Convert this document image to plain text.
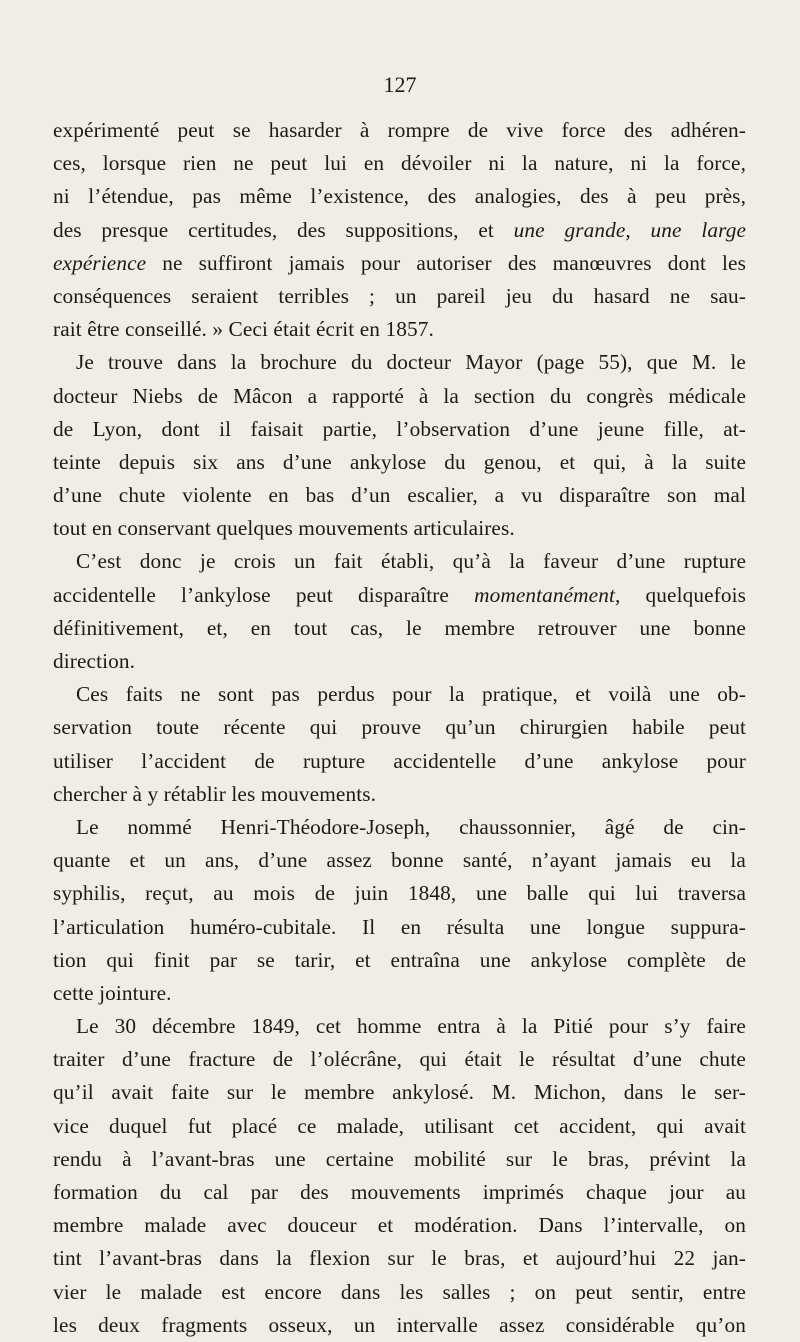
127
expérimenté peut se hasarder à rompre de vive force des adhéren-
ces, lorsque rien ne peut lui en dévoiler ni la nature, ni la force,
ni l’étendue, pas même l’existence, des analogies, des à peu près,
des presque certitudes, des suppositions, et une grande, une large
expérience ne suffiront jamais pour autoriser des manœuvres dont les
conséquences seraient terribles ; un pareil jeu du hasard ne sau-
rait être conseillé. » Ceci était écrit en 1857.
Je trouve dans la brochure du docteur Mayor (page 55), que M. le
docteur Niebs de Mâcon a rapporté à la section du congrès médicale
de Lyon, dont il faisait partie, l’observation d’une jeune fille, at-
teinte depuis six ans d’une ankylose du genou, et qui, à la suite
d’une chute violente en bas d’un escalier, a vu disparaître son mal
tout en conservant quelques mouvements articulaires.
C’est donc je crois un fait établi, qu’à la faveur d’une rupture
accidentelle l’ankylose peut disparaître momentanément, quelquefois
définitivement, et, en tout cas, le membre retrouver une bonne
direction.
Ces faits ne sont pas perdus pour la pratique, et voilà une ob-
servation toute récente qui prouve qu’un chirurgien habile peut
utiliser l’accident de rupture accidentelle d’une ankylose pour
chercher à y rétablir les mouvements.
Le nommé Henri-Théodore-Joseph, chaussonnier, âgé de cin-
quante et un ans, d’une assez bonne santé, n’ayant jamais eu la
syphilis, reçut, au mois de juin 1848, une balle qui lui traversa
l’articulation huméro-cubitale. Il en résulta une longue suppura-
tion qui finit par se tarir, et entraîna une ankylose complète de
cette jointure.
Le 30 décembre 1849, cet homme entra à la Pitié pour s’y faire
traiter d’une fracture de l’olécrâne, qui était le résultat d’une chute
qu’il avait faite sur le membre ankylosé. M. Michon, dans le ser-
vice duquel fut placé ce malade, utilisant cet accident, qui avait
rendu à l’avant-bras une certaine mobilité sur le bras, prévint la
formation du cal par des mouvements imprimés chaque jour au
membre malade avec douceur et modération. Dans l’intervalle, on
tint l’avant-bras dans la flexion sur le bras, et aujourd’hui 22 jan-
vier le malade est encore dans les salles ; on peut sentir, entre
les deux fragments osseux, un intervalle assez considérable qu’on
